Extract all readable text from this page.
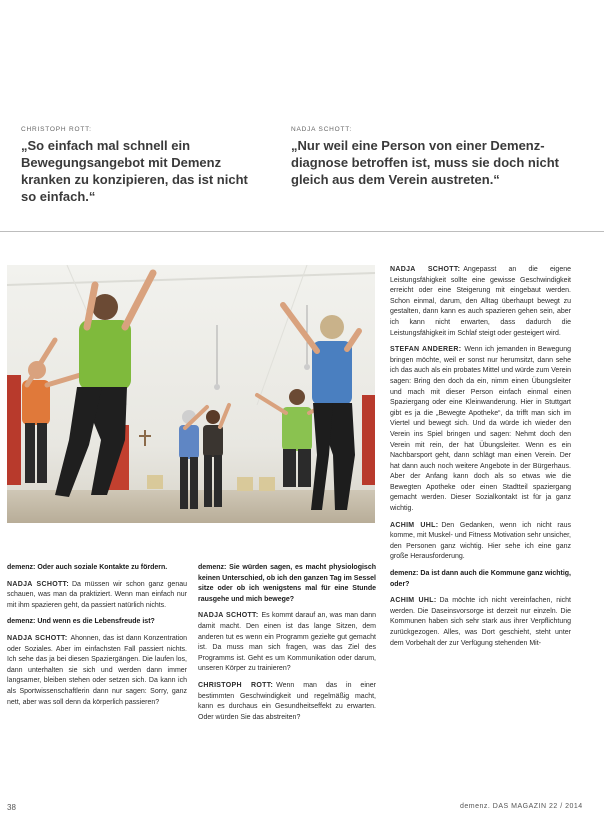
CHRISTOPH ROTT:
„So einfach mal schnell ein Bewegungsangebot mit Demenz kranken zu konzipieren, das ist nicht so einfach.“
NADJA SCHOTT:
„Nur weil eine Person von einer Demenz-diagnose betroffen ist, muss sie doch nicht gleich aus dem Verein austreten.“

demenz: Oder auch soziale Kontakte zu fördern.

NADJA SCHOTT: Da müssen wir schon ganz genau schauen, was man da praktiziert. Wenn man einfach nur mit ihm spazieren geht, da passiert natürlich nichts.

demenz: Und wenn es die Lebensfreude ist?

NADJA SCHOTT: Ahonnen, das ist dann Konzentration oder Soziales. Aber im einfachsten Fall passiert nichts. Ich sehe das ja bei diesen Spaziergängen. Die laufen los, dann unterhalten sie sich und werden dann immer langsamer, bleiben stehen oder setzen sich. Da kann ich als Sportwissenschaftlerin dann nur sagen: Sorry, ganz nett, aber was soll denn da körperlich passieren?

demenz: Sie würden sagen, es macht physiologisch keinen Unterschied, ob ich den ganzen Tag im Sessel sitze oder ob ich wenigstens mal für eine Stunde rausgehe und mich bewege?

NADJA SCHOTT: Es kommt darauf an, was man dann damit macht. Den einen ist das lange Sitzen, dem anderen tut es wenn ein Programm gezielte gut gemacht ist. Da muss man sich fragen, was das Ziel des Programms ist. Geht es um Kommunikation oder darum, unseren Körper zu trainieren?

CHRISTOPH ROTT: Wenn man das in einer bestimmten Geschwindigkeit und regelmäßig macht, kann es durchaus ein Gesundheitseffekt zu erwarten. Oder würden Sie das abstreiten?

NADJA SCHOTT: Angepasst an die eigene Leistungsfähigkeit sollte eine gewisse Geschwindigkeit erreicht oder eine Steigerung mit eingebaut werden. Schon einmal, darum, den Alltag überhaupt bewegt zu gestalten, dann kann es auch spazieren gehen sein, aber ich kann nicht erwarten, dass dadurch die Leistungsfähigkeit im Schlaf steigt oder gesteigert wird.

STEFAN ANDERER: Wenn ich jemanden in Bewegung bringen möchte, weil er sonst nur herumsitzt, dann sehe ich das auch als ein probates Mittel und würde zum Verein sagen: Bring den doch da ein, nimm einen Übungsleiter und mach mit dieser Person einfach einmal einen Spaziergang oder eine Kleinwanderung. Hier in Stuttgart gibt es ja die „Bewegte Apotheke“, da trifft man sich im Viertel und bewegt sich. Und da würde ich wieder den Verein ins Spiel bringen und sagen: Nehmt doch den Verein mit rein, der hat Übungsleiter. Wenn es ein Nachbarsport geht, dann schlägt man einen Verein. Der hat dann auch noch weitere Angebote in der Bürgerhaus. Aber der Anfang kann doch als so etwas wie die Bewegten Apotheke oder einen Stadtteil spaziergang gemacht werden. Dieser Sozialkontakt ist für ja ganz wichtig.

ACHIM UHL: Den Gedanken, wenn ich nicht raus komme, mit Muskel- und Fitness Motivation sehr unsicher, den Personen ganz wichtig. Hier sehe ich eine ganz große Herausforderung.

demenz: Da ist dann auch die Kommune ganz wichtig, oder?

ACHIM UHL: Da möchte ich nicht vereinfachen, nicht werden. Die Daseinsvorsorge ist derzeit nur einzeln. Die Kommunen haben sich sehr stark aus ihrer Verpflichtung zurückgezogen. Alles, was Dort geschieht, steht unter dem Vorbehalt der zur Verfügung stehenden Mit-

38	demenz. DAS MAGAZIN 22 / 2014
